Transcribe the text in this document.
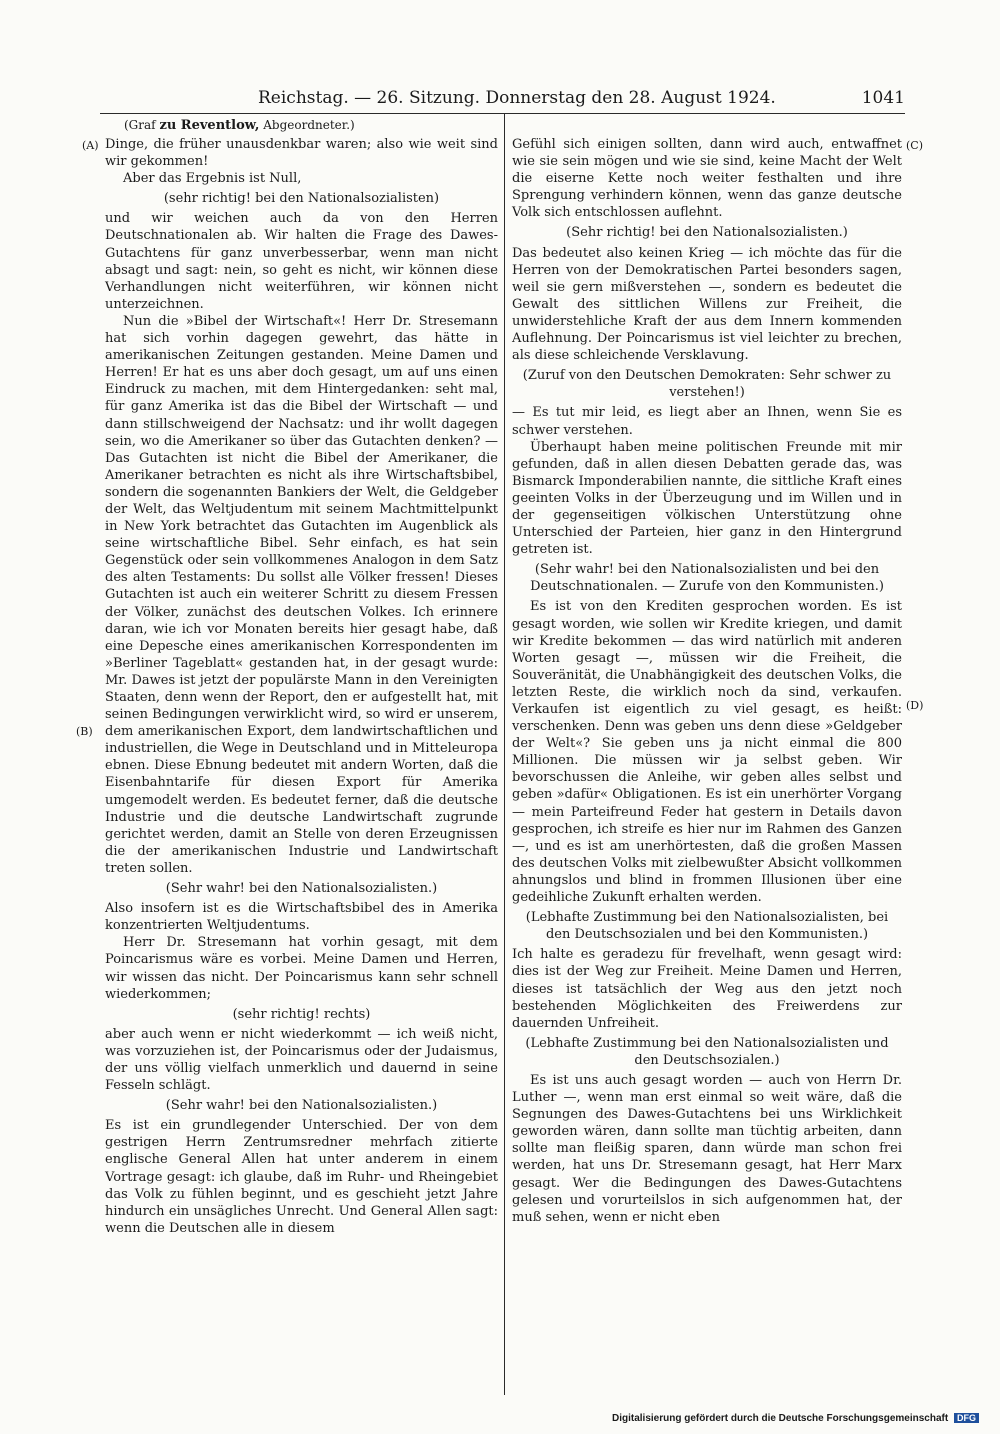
Reichstag. — 26. Sitzung. Donnerstag den 28. August 1924.	1041
(Graf zu Reventlow, Abgeordneter.)
(A)
(B)
(C)
(D)

Dinge, die früher unausdenkbar waren; also wie weit sind wir gekommen!

Aber das Ergebnis ist Null,

(sehr richtig! bei den Nationalsozialisten)

und wir weichen auch da von den Herren Deutschnationalen ab. Wir halten die Frage des Dawes-Gutachtens für ganz unverbesserbar, wenn man nicht absagt und sagt: nein, so geht es nicht, wir können diese Verhandlungen nicht weiterführen, wir können nicht unterzeichnen.

Nun die »Bibel der Wirtschaft«! Herr Dr. Stresemann hat sich vorhin dagegen gewehrt, das hätte in amerikanischen Zeitungen gestanden. Meine Damen und Herren! Er hat es uns aber doch gesagt, um auf uns einen Eindruck zu machen, mit dem Hintergedanken: seht mal, für ganz Amerika ist das die Bibel der Wirtschaft — und dann stillschweigend der Nachsatz: und ihr wollt dagegen sein, wo die Amerikaner so über das Gutachten denken? — Das Gutachten ist nicht die Bibel der Amerikaner, die Amerikaner betrachten es nicht als ihre Wirtschaftsbibel, sondern die sogenannten Bankiers der Welt, die Geldgeber der Welt, das Weltjudentum mit seinem Machtmittelpunkt in New York betrachtet das Gutachten im Augenblick als seine wirtschaftliche Bibel. Sehr einfach, es hat sein Gegenstück oder sein vollkommenes Analogon in dem Satz des alten Testaments: Du sollst alle Völker fressen! Dieses Gutachten ist auch ein weiterer Schritt zu diesem Fressen der Völker, zunächst des deutschen Volkes. Ich erinnere daran, wie ich vor Monaten bereits hier gesagt habe, daß eine Depesche eines amerikanischen Korrespondenten im »Berliner Tageblatt« gestanden hat, in der gesagt wurde: Mr. Dawes ist jetzt der populärste Mann in den Vereinigten Staaten, denn wenn der Report, den er aufgestellt hat, mit seinen Bedingungen verwirklicht wird, so wird er unserem, dem amerikanischen Export, dem landwirtschaftlichen und industriellen, die Wege in Deutschland und in Mitteleuropa ebnen. Diese Ebnung bedeutet mit andern Worten, daß die Eisenbahntarife für diesen Export für Amerika umgemodelt werden. Es bedeutet ferner, daß die deutsche Industrie und die deutsche Landwirtschaft zugrunde gerichtet werden, damit an Stelle von deren Erzeugnissen die der amerikanischen Industrie und Landwirtschaft treten sollen.

(Sehr wahr! bei den Nationalsozialisten.)

Also insofern ist es die Wirtschaftsbibel des in Amerika konzentrierten Weltjudentums.

Herr Dr. Stresemann hat vorhin gesagt, mit dem Poincarismus wäre es vorbei. Meine Damen und Herren, wir wissen das nicht. Der Poincarismus kann sehr schnell wiederkommen;

(sehr richtig! rechts)

aber auch wenn er nicht wiederkommt — ich weiß nicht, was vorzuziehen ist, der Poincarismus oder der Judaismus, der uns völlig vielfach unmerklich und dauernd in seine Fesseln schlägt.

(Sehr wahr! bei den Nationalsozialisten.)

Es ist ein grundlegender Unterschied. Der von dem gestrigen Herrn Zentrumsredner mehrfach zitierte englische General Allen hat unter anderem in einem Vortrage gesagt: ich glaube, daß im Ruhr- und Rheingebiet das Volk zu fühlen beginnt, und es geschieht jetzt Jahre hindurch ein unsägliches Unrecht. Und General Allen sagt: wenn die Deutschen alle in diesem

Gefühl sich einigen sollten, dann wird auch, entwaffnet wie sie sein mögen und wie sie sind, keine Macht der Welt die eiserne Kette noch weiter festhalten und ihre Sprengung verhindern können, wenn das ganze deutsche Volk sich entschlossen auflehnt.

(Sehr richtig! bei den Nationalsozialisten.)

Das bedeutet also keinen Krieg — ich möchte das für die Herren von der Demokratischen Partei besonders sagen, weil sie gern mißverstehen —, sondern es bedeutet die Gewalt des sittlichen Willens zur Freiheit, die unwiderstehliche Kraft der aus dem Innern kommenden Auflehnung. Der Poincarismus ist viel leichter zu brechen, als diese schleichende Versklavung.

(Zuruf von den Deutschen Demokraten: Sehr schwer zu verstehen!)

— Es tut mir leid, es liegt aber an Ihnen, wenn Sie es schwer verstehen.

Überhaupt haben meine politischen Freunde mit mir gefunden, daß in allen diesen Debatten gerade das, was Bismarck Imponderabilien nannte, die sittliche Kraft eines geeinten Volks in der Überzeugung und im Willen und in der gegenseitigen völkischen Unterstützung ohne Unterschied der Parteien, hier ganz in den Hintergrund getreten ist.

(Sehr wahr! bei den Nationalsozialisten und bei den Deutschnationalen. — Zurufe von den Kommunisten.)

Es ist von den Krediten gesprochen worden. Es ist gesagt worden, wie sollen wir Kredite kriegen, und damit wir Kredite bekommen — das wird natürlich mit anderen Worten gesagt —, müssen wir die Freiheit, die Souveränität, die Unabhängigkeit des deutschen Volks, die letzten Reste, die wirklich noch da sind, verkaufen. Verkaufen ist eigentlich zu viel gesagt, es heißt: verschenken. Denn was geben uns denn diese »Geldgeber der Welt«? Sie geben uns ja nicht einmal die 800 Millionen. Die müssen wir ja selbst geben. Wir bevorschussen die Anleihe, wir geben alles selbst und geben »dafür« Obligationen. Es ist ein unerhörter Vorgang — mein Parteifreund Feder hat gestern in Details davon gesprochen, ich streife es hier nur im Rahmen des Ganzen —, und es ist am unerhörtesten, daß die großen Massen des deutschen Volks mit zielbewußter Absicht vollkommen ahnungslos und blind in frommen Illusionen über eine gedeihliche Zukunft erhalten werden.

(Lebhafte Zustimmung bei den Nationalsozialisten, bei den Deutschsozialen und bei den Kommunisten.)

Ich halte es geradezu für frevelhaft, wenn gesagt wird: dies ist der Weg zur Freiheit. Meine Damen und Herren, dieses ist tatsächlich der Weg aus den jetzt noch bestehenden Möglichkeiten des Freiwerdens zur dauernden Unfreiheit.

(Lebhafte Zustimmung bei den Nationalsozialisten und den Deutschsozialen.)

Es ist uns auch gesagt worden — auch von Herrn Dr. Luther —, wenn man erst einmal so weit wäre, daß die Segnungen des Dawes-Gutachtens bei uns Wirklichkeit geworden wären, dann sollte man tüchtig arbeiten, dann sollte man fleißig sparen, dann würde man schon frei werden, hat uns Dr. Stresemann gesagt, hat Herr Marx gesagt. Wer die Bedingungen des Dawes-Gutachtens gelesen und vorurteilslos in sich aufgenommen hat, der muß sehen, wenn er nicht eben

Digitalisierung gefördert durch die Deutsche Forschungsgemeinschaft DFG
